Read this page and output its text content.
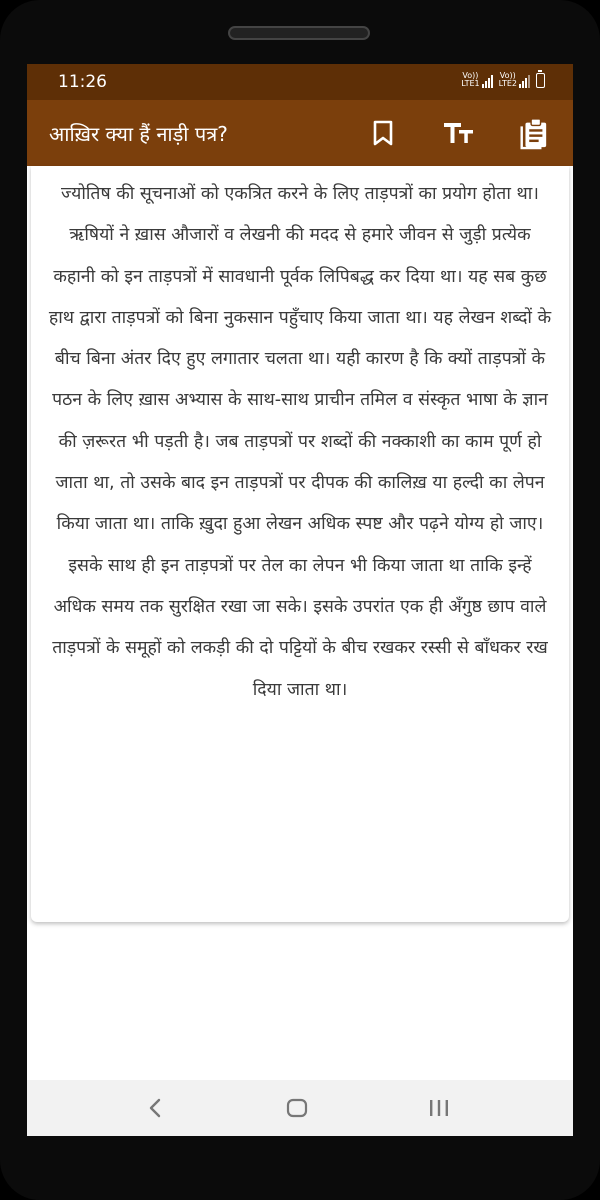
11:26	Vo))
LTE1
Vo))
LTE2
आख़िर क्या हैं नाड़ी पत्र?

ज्योतिष की सूचनाओं को एकत्रित करने के लिए ताड़पत्रों का प्रयोग होता था। ऋषियों ने ख़ास औजारों व लेखनी की मदद से हमारे जीवन से जुड़ी प्रत्येक कहानी को इन ताड़पत्रों में सावधानी पूर्वक लिपिबद्ध कर दिया था। यह सब कुछ हाथ द्वारा ताड़पत्रों को बिना नुकसान पहुँचाए किया जाता था। यह लेखन शब्दों के बीच बिना अंतर दिए हुए लगातार चलता था। यही कारण है कि क्यों ताड़पत्रों के पठन के लिए ख़ास अभ्यास के साथ-साथ प्राचीन तमिल व संस्कृत भाषा के ज्ञान की ज़रूरत भी पड़ती है। जब ताड़पत्रों पर शब्दों की नक्काशी का काम पूर्ण हो जाता था, तो उसके बाद इन ताड़पत्रों पर दीपक की कालिख़ या हल्दी का लेपन किया जाता था। ताकि ख़ुदा हुआ लेखन अधिक स्पष्ट और पढ़ने योग्य हो जाए। इसके साथ ही इन ताड़पत्रों पर तेल का लेपन भी किया जाता था ताकि इन्हें अधिक समय तक सुरक्षित रखा जा सके। इसके उपरांत एक ही अँगुष्ठ छाप वाले ताड़पत्रों के समूहों को लकड़ी की दो पट्टियों के बीच रखकर रस्सी से बाँधकर रख दिया जाता था।
